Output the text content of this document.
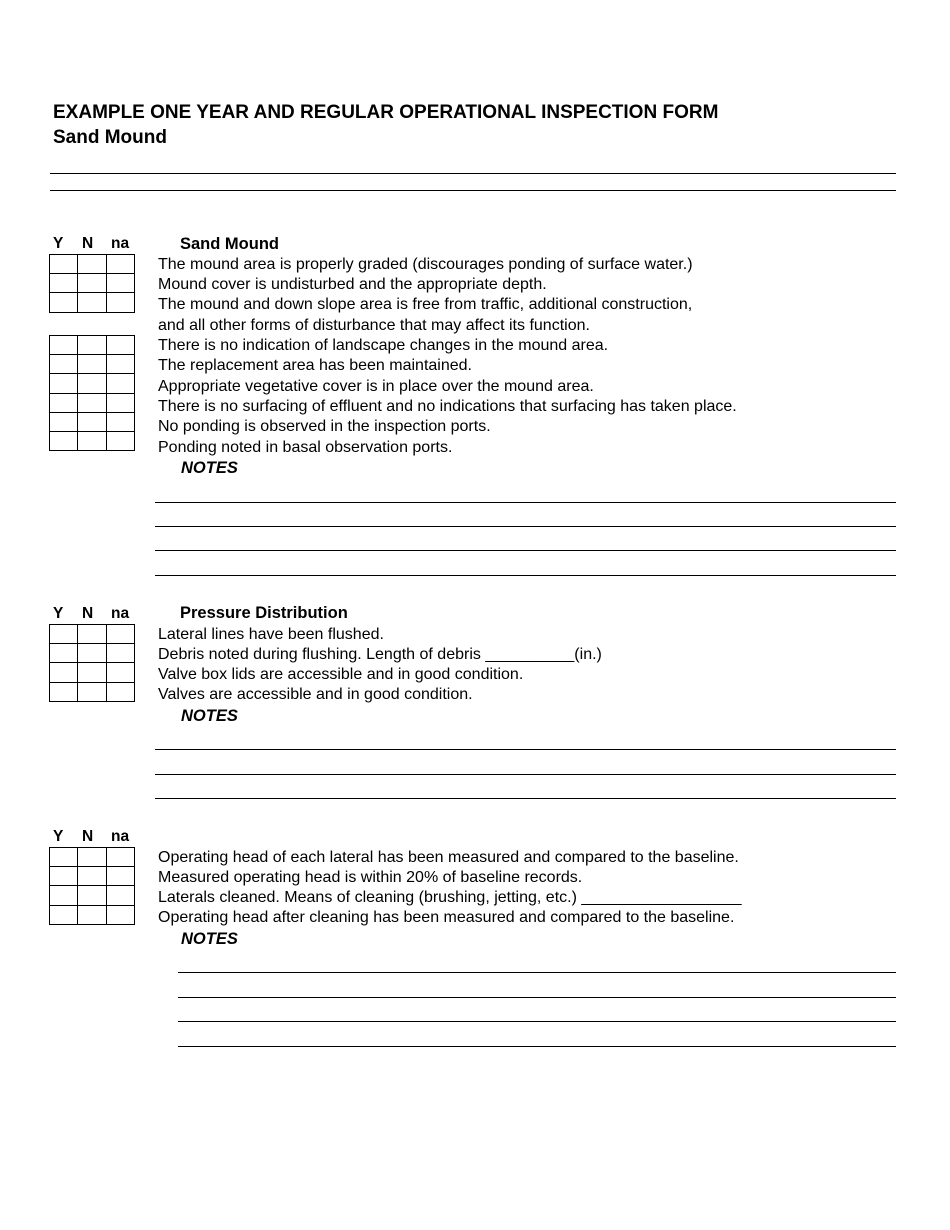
EXAMPLE ONE YEAR AND REGULAR OPERATIONAL INSPECTION FORM
Sand Mound
Y N na	Sand Mound

The mound area is properly graded (discourages ponding of surface water.)
Mound cover is undisturbed and the appropriate depth.
The mound and down slope area is free from traffic, additional construction,
and all other forms of disturbance that may affect its function.
There is no indication of landscape changes in the mound area.
The replacement area has been maintained.
Appropriate vegetative cover is in place over the mound area.
There is no surfacing of effluent and no indications that surfacing has taken place.
No ponding is observed in the inspection ports.
Ponding noted in basal observation ports.
NOTES
Y N na	Pressure Distribution

Lateral lines have been flushed.
Debris noted during flushing. Length of debris __________(in.)
Valve box lids are accessible and in good condition.
Valves are accessible and in good condition.
NOTES
Y N na

Operating head of each lateral has been measured and compared to the baseline.
Measured operating head is within 20% of baseline records.
Laterals cleaned. Means of cleaning (brushing, jetting, etc.) __________________
Operating head after cleaning has been measured and compared to the baseline.
NOTES
